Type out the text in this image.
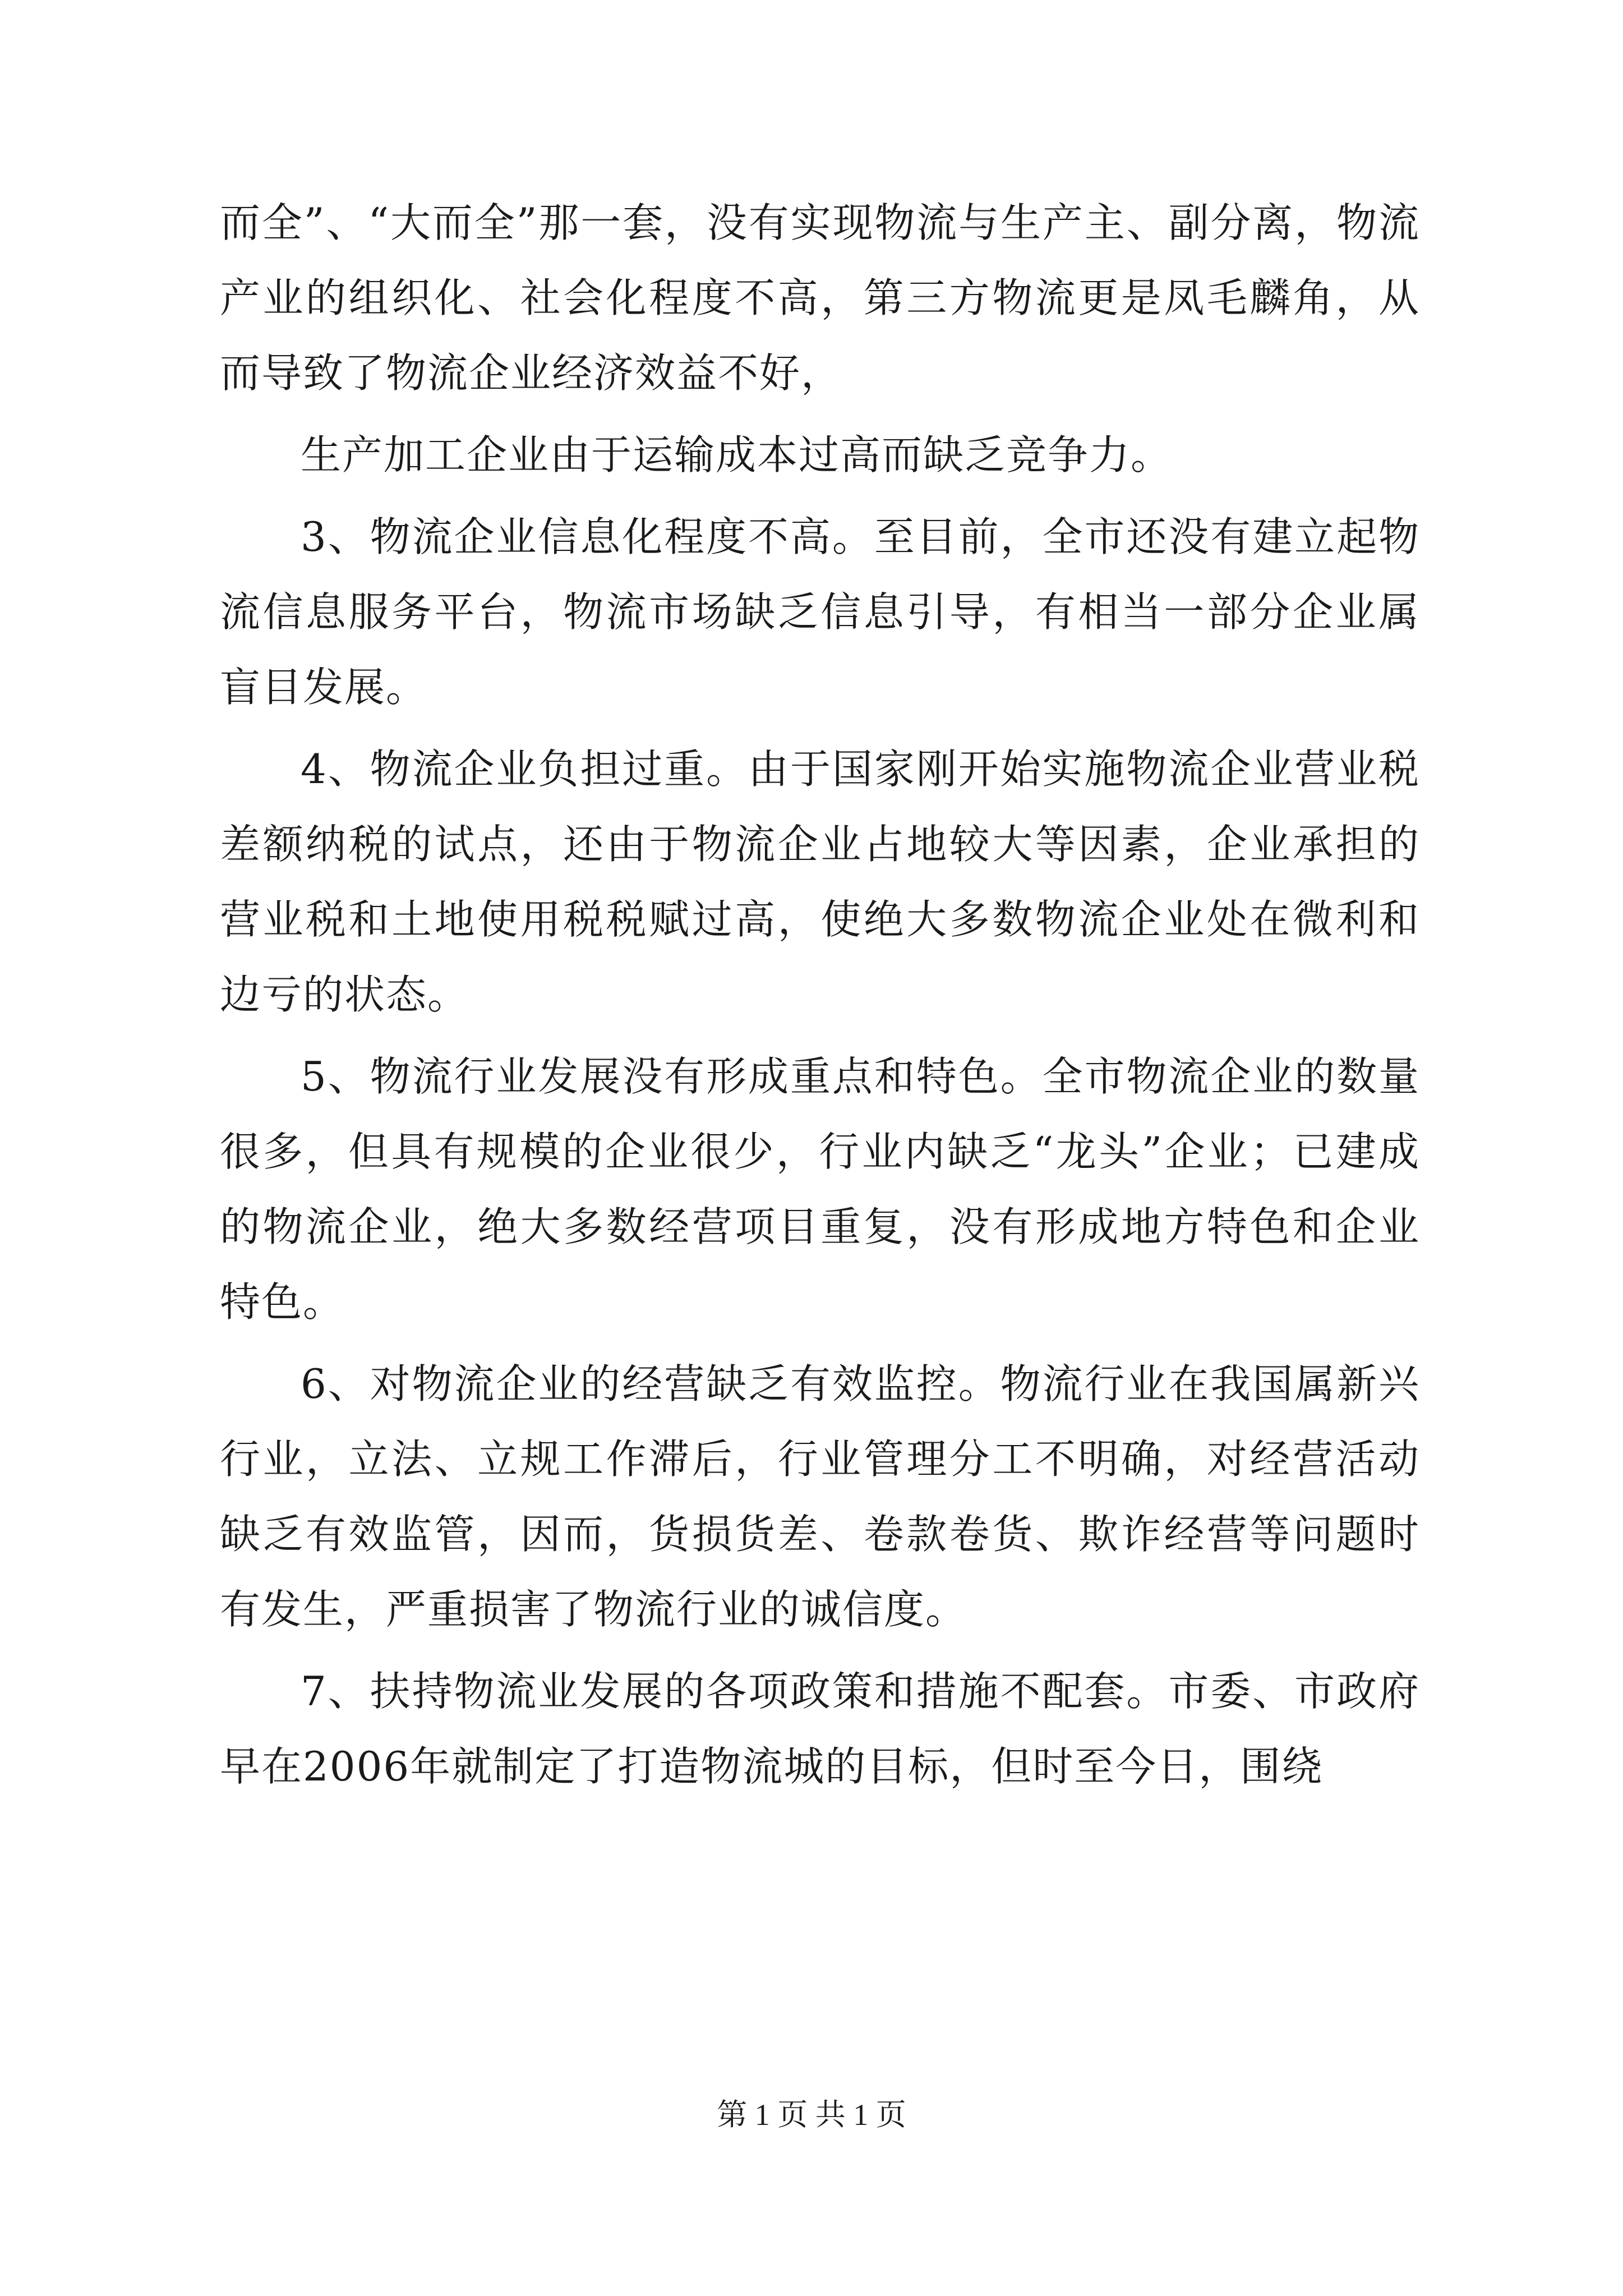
而全”、“大而全”那一套，没有实现物流与生产主、副分离，物流产业的组织化、社会化程度不高，第三方物流更是凤毛麟角，从而导致了物流企业经济效益不好，

生产加工企业由于运输成本过高而缺乏竞争力。

3、物流企业信息化程度不高。至目前，全市还没有建立起物流信息服务平台，物流市场缺乏信息引导，有相当一部分企业属盲目发展。

4、物流企业负担过重。由于国家刚开始实施物流企业营业税差额纳税的试点，还由于物流企业占地较大等因素，企业承担的营业税和土地使用税税赋过高，使绝大多数物流企业处在微利和边亏的状态。

5、物流行业发展没有形成重点和特色。全市物流企业的数量很多，但具有规模的企业很少，行业内缺乏“龙头”企业；已建成的物流企业，绝大多数经营项目重复，没有形成地方特色和企业特色。

6、对物流企业的经营缺乏有效监控。物流行业在我国属新兴行业，立法、立规工作滞后，行业管理分工不明确，对经营活动缺乏有效监管，因而，货损货差、卷款卷货、欺诈经营等问题时有发生，严重损害了物流行业的诚信度。

7、扶持物流业发展的各项政策和措施不配套。市委、市政府早在2006年就制定了打造物流城的目标，但时至今日，围绕

第 1 页 共 1 页
